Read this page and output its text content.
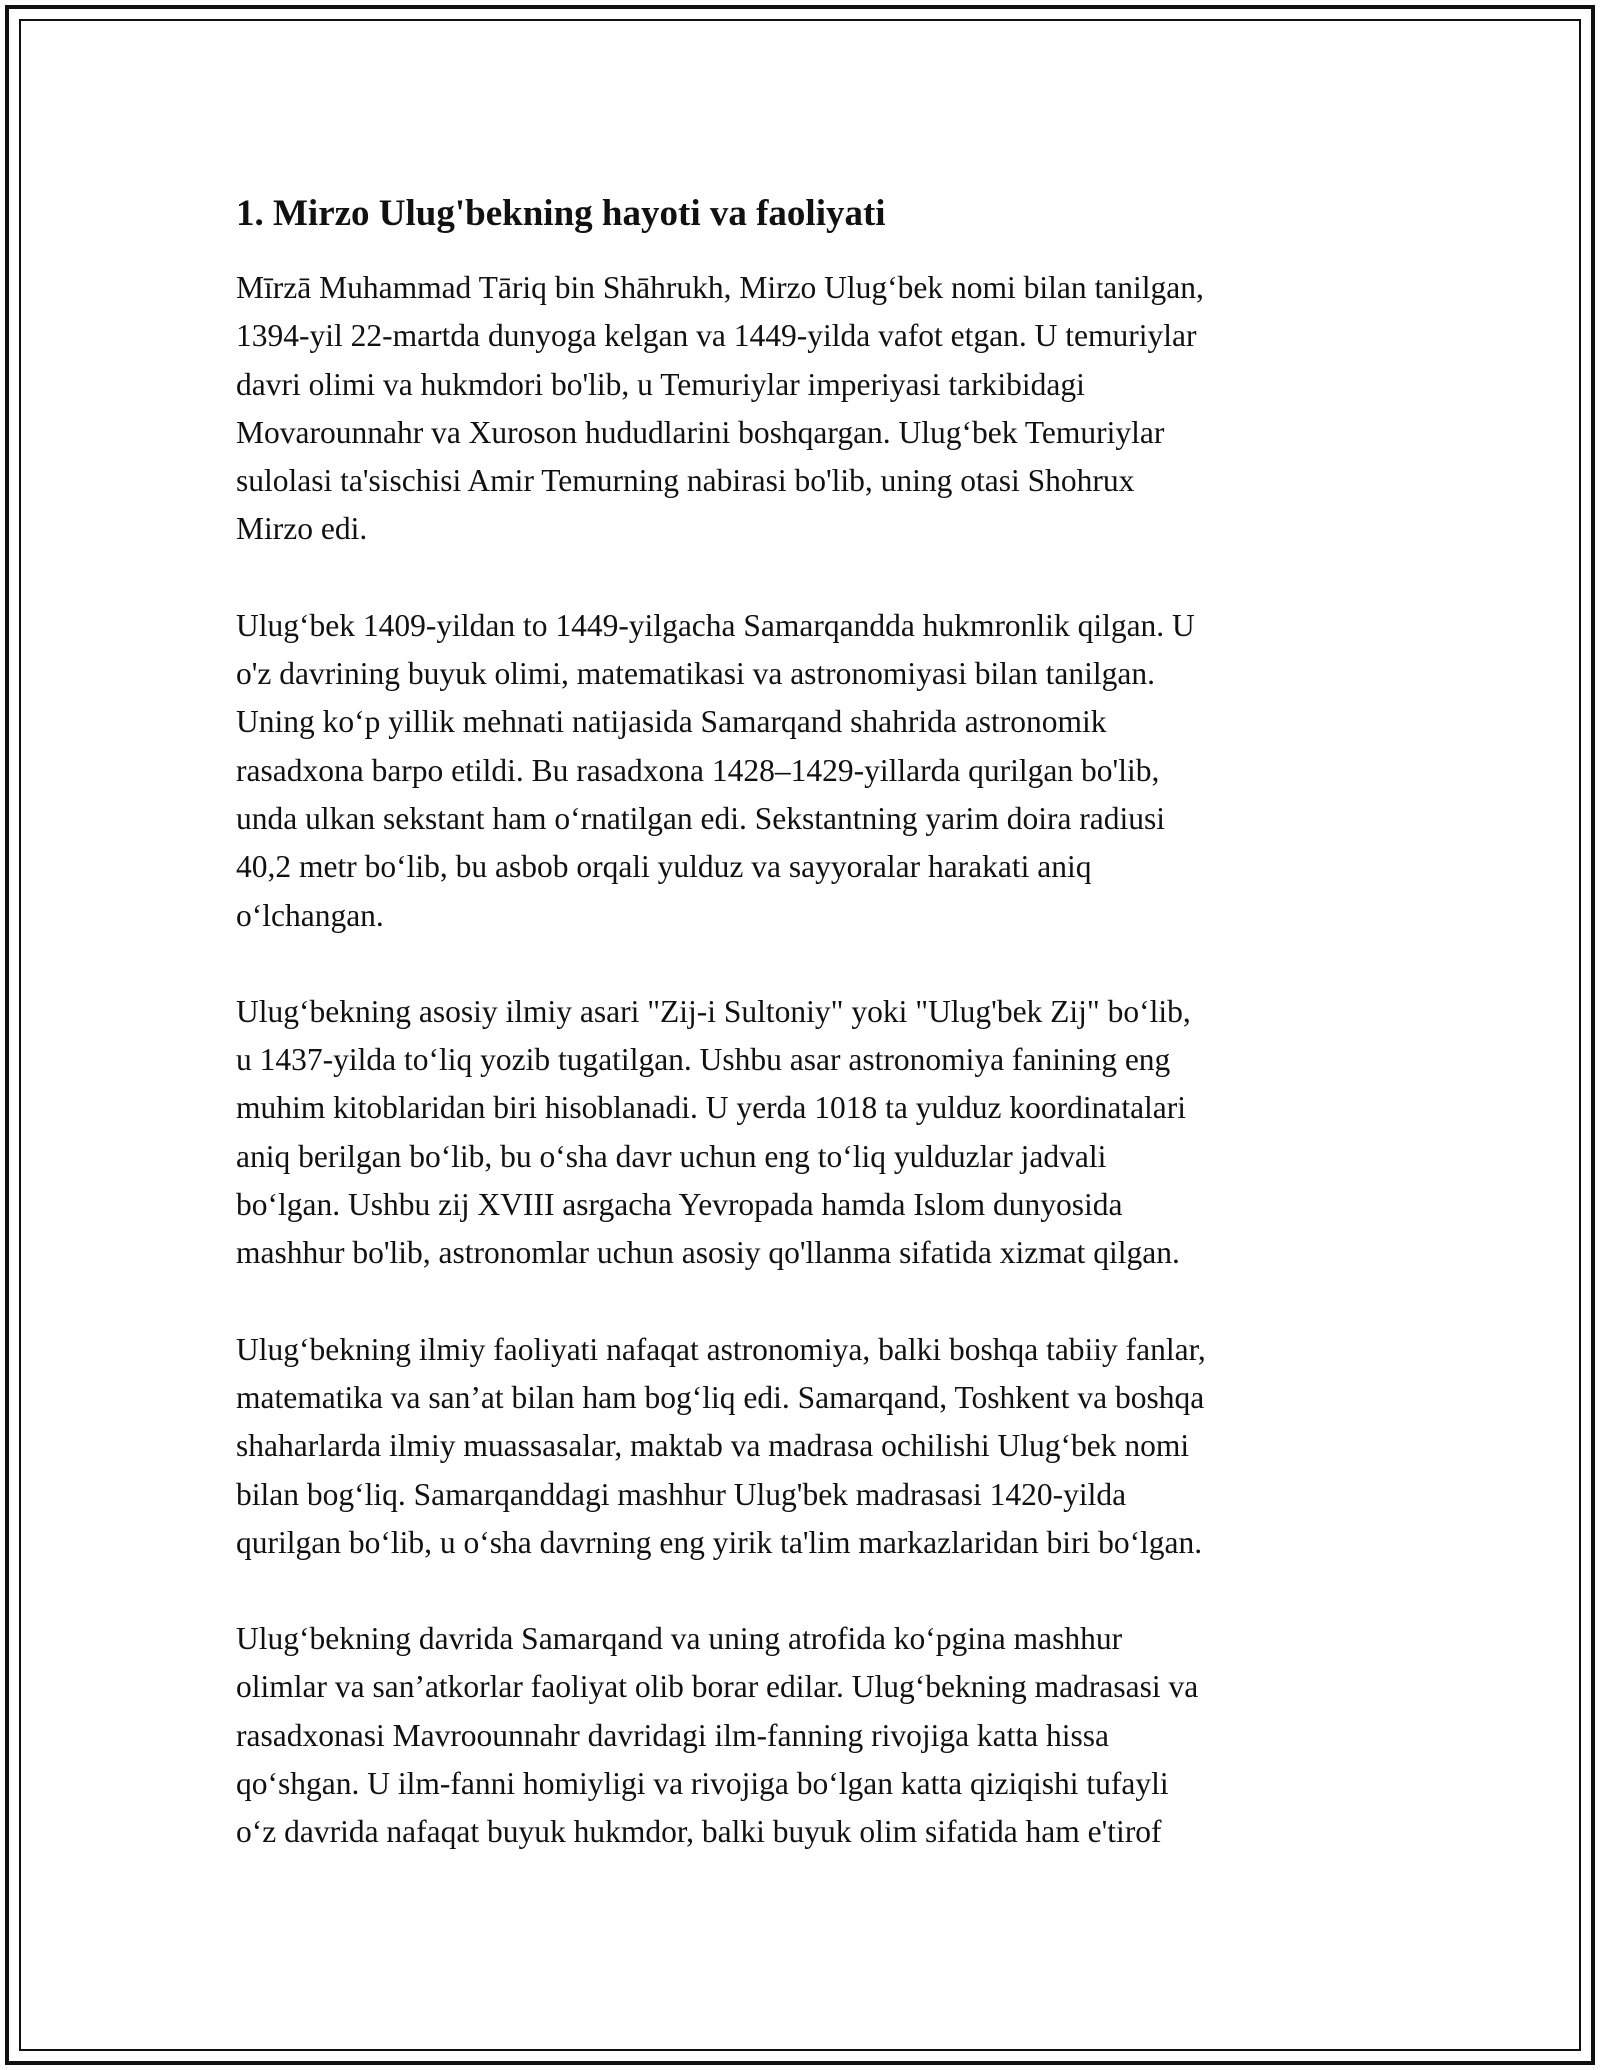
1. Mirzo Ulug'bekning hayoti va faoliyati

Mīrzā Muhammad Tāriq bin Shāhrukh, Mirzo Ulugʻbek nomi bilan tanilgan,
1394-yil 22-martda dunyoga kelgan va 1449-yilda vafot etgan. U temuriylar
davri olimi va hukmdori bo'lib, u Temuriylar imperiyasi tarkibidagi
Movarounnahr va Xuroson hududlarini boshqargan. Ulugʻbek Temuriylar
sulolasi ta'sischisi Amir Temurning nabirasi bo'lib, uning otasi Shohrux
Mirzo edi.

Ulugʻbek 1409-yildan to 1449-yilgacha Samarqandda hukmronlik qilgan. U
o'z davrining buyuk olimi, matematikasi va astronomiyasi bilan tanilgan.
Uning koʻp yillik mehnati natijasida Samarqand shahrida astronomik
rasadxona barpo etildi. Bu rasadxona 1428–1429-yillarda qurilgan bo'lib,
unda ulkan sekstant ham oʻrnatilgan edi. Sekstantning yarim doira radiusi
40,2 metr boʻlib, bu asbob orqali yulduz va sayyoralar harakati aniq
oʻlchangan.

Ulugʻbekning asosiy ilmiy asari "Zij-i Sultoniy" yoki "Ulug'bek Zij" boʻlib,
u 1437-yilda toʻliq yozib tugatilgan. Ushbu asar astronomiya fanining eng
muhim kitoblaridan biri hisoblanadi. U yerda 1018 ta yulduz koordinatalari
aniq berilgan boʻlib, bu oʻsha davr uchun eng toʻliq yulduzlar jadvali
boʻlgan. Ushbu zij XVIII asrgacha Yevropada hamda Islom dunyosida
mashhur bo'lib, astronomlar uchun asosiy qo'llanma sifatida xizmat qilgan.

Ulugʻbekning ilmiy faoliyati nafaqat astronomiya, balki boshqa tabiiy fanlar,
matematika va san’at bilan ham bogʻliq edi. Samarqand, Toshkent va boshqa
shaharlarda ilmiy muassasalar, maktab va madrasa ochilishi Ulugʻbek nomi
bilan bogʻliq. Samarqanddagi mashhur Ulug'bek madrasasi 1420-yilda
qurilgan boʻlib, u oʻsha davrning eng yirik ta'lim markazlaridan biri boʻlgan.

Ulugʻbekning davrida Samarqand va uning atrofida koʻpgina mashhur
olimlar va san’atkorlar faoliyat olib borar edilar. Ulugʻbekning madrasasi va
rasadxonasi Mavroounnahr davridagi ilm-fanning rivojiga katta hissa
qoʻshgan. U ilm-fanni homiyligi va rivojiga boʻlgan katta qiziqishi tufayli
oʻz davrida nafaqat buyuk hukmdor, balki buyuk olim sifatida ham e'tirof
